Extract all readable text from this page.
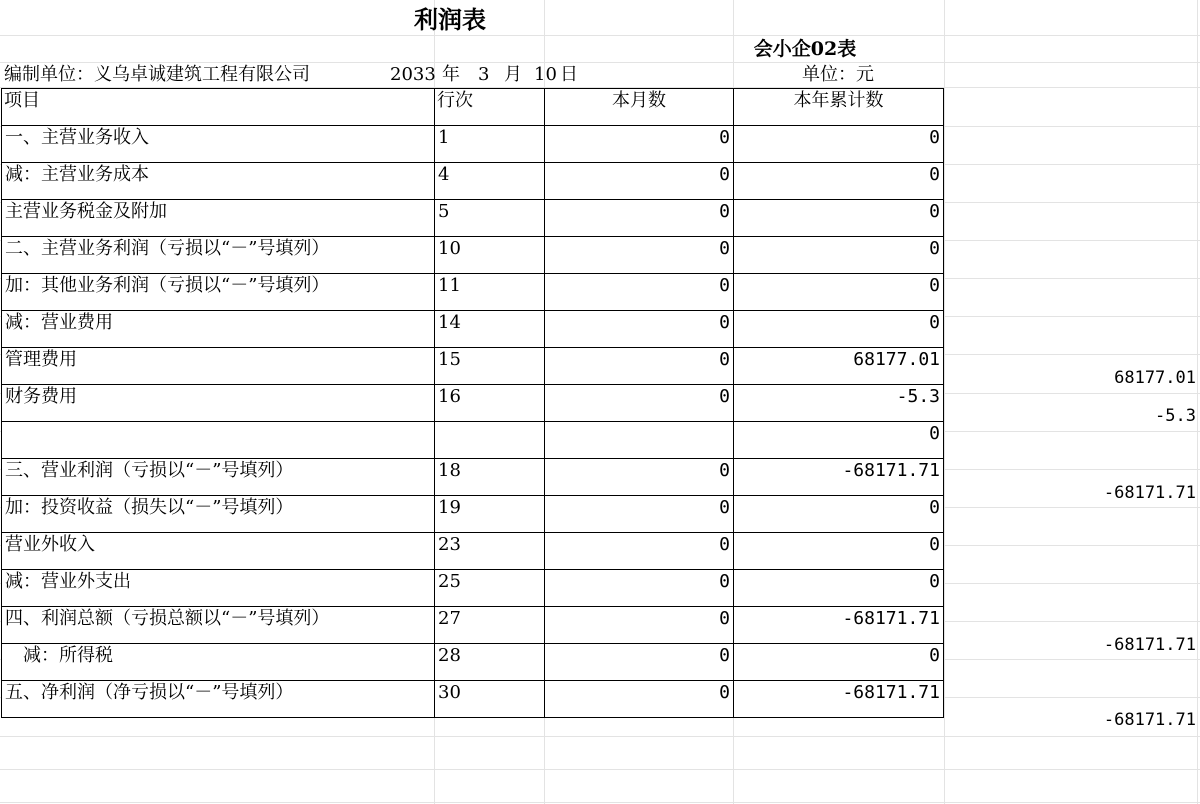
利润表
会小企02表
编制单位：义乌卓诚建筑工程有限公司	2033 年 3 月 10 日	单位：元
项目	行次	本月数	本年累计数
一、主营业务收入	1	0	0
减：主营业务成本	4	0	0
主营业务税金及附加	5	0	0
二、主营业务利润（亏损以“－”号填列）	10	0	0
加：其他业务利润（亏损以“－”号填列）	11	0	0
减：营业费用	14	0	0
管理费用	15	0	68177.01
财务费用	16	0	-5.3
			0
三、营业利润（亏损以“－”号填列）	18	0	-68171.71
加：投资收益（损失以“－”号填列）	19	0	0
营业外收入	23	0	0
减：营业外支出	25	0	0
四、利润总额（亏损总额以“－”号填列）	27	0	-68171.71
　减：所得税	28	0	0
五、净利润（净亏损以“－”号填列）	30	0	-68171.71
68177.01
-5.3
-68171.71
-68171.71
-68171.71
